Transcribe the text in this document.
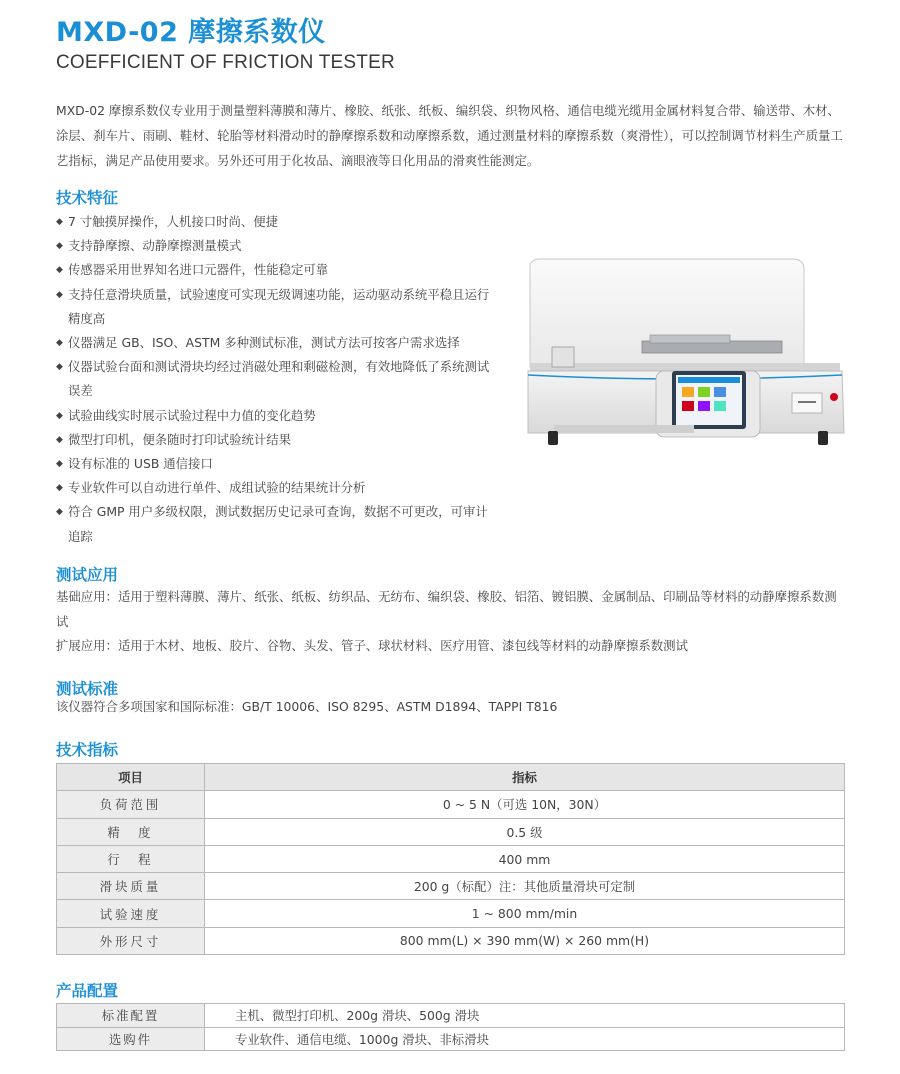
MXD-02 摩擦系数仪
COEFFICIENT OF FRICTION TESTER

MXD-02 摩擦系数仪专业用于测量塑料薄膜和薄片、橡胶、纸张、纸板、编织袋、织物风格、通信电缆光缆用金属材料复合带、输送带、木材、涂层、刹车片、雨刷、鞋材、轮胎等材料滑动时的静摩擦系数和动摩擦系数，通过测量材料的摩擦系数（爽滑性），可以控制调节材料生产质量工艺指标，满足产品使用要求。另外还可用于化妆品、滴眼液等日化用品的滑爽性能测定。

技术特征
◆ 7 寸触摸屏操作，人机接口时尚、便捷
◆ 支持静摩擦、动静摩擦测量模式
◆ 传感器采用世界知名进口元器件，性能稳定可靠
◆ 支持任意滑块质量，试验速度可实现无级调速功能，运动驱动系统平稳且运行精度高
◆ 仪器满足 GB、ISO、ASTM 多种测试标准，测试方法可按客户需求选择
◆ 仪器试验台面和测试滑块均经过消磁处理和剩磁检测，有效地降低了系统测试误差
◆ 试验曲线实时展示试验过程中力值的变化趋势
◆ 微型打印机，便条随时打印试验统计结果
◆ 设有标准的 USB 通信接口
◆ 专业软件可以自动进行单件、成组试验的结果统计分析
◆ 符合 GMP 用户多级权限，测试数据历史记录可查询，数据不可更改，可审计追踪
测试应用

基础应用：适用于塑料薄膜、薄片、纸张、纸板、纺织品、无纺布、编织袋、橡胶、铝箔、镀铝膜、金属制品、印刷品等材料的动静摩擦系数测试

扩展应用：适用于木材、地板、胶片、谷物、头发、管子、球状材料、医疗用管、漆包线等材料的动静摩擦系数测试

测试标准

该仪器符合多项国家和国际标准：GB/T 10006、ISO 8295、ASTM D1894、TAPPI T816

技术指标
项目	指标
负荷范围	0 ~ 5 N（可选 10N，30N）
精　度	0.5 级
行　程	400 mm
滑块质量	200 g（标配）注：其他质量滑块可定制
试验速度	1 ~ 800 mm/min
外形尺寸	800 mm(L) × 390 mm(W) × 260 mm(H)
产品配置
标准配置	主机、微型打印机、200g 滑块、500g 滑块
选购件	专业软件、通信电缆、1000g 滑块、非标滑块
